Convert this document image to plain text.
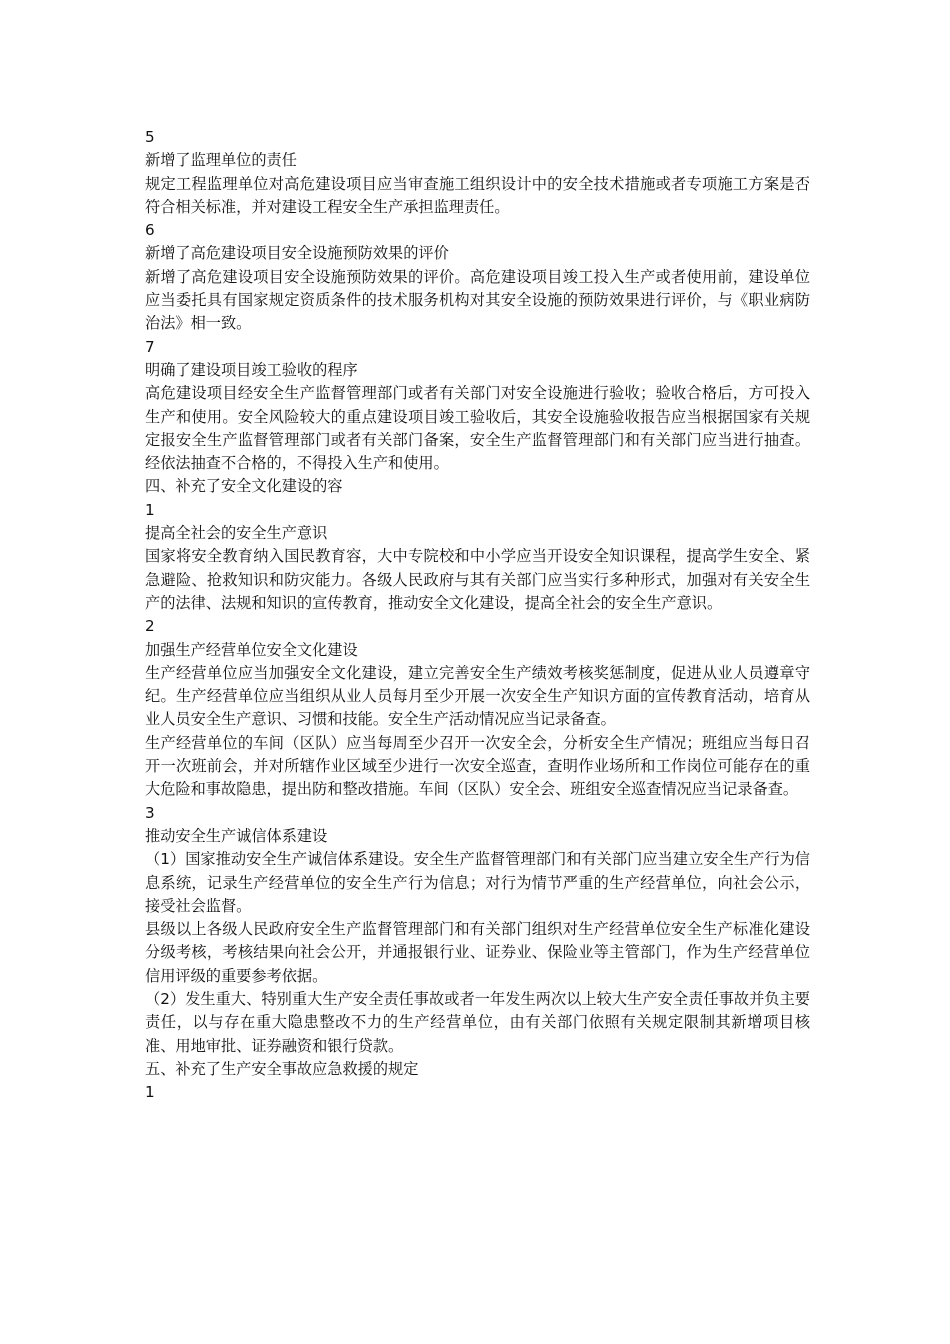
5

新增了监理单位的责任

规定工程监理单位对高危建设项目应当审查施工组织设计中的安全技术措施或者专项施工方案是否符合相关标准，并对建设工程安全生产承担监理责任。

6

新增了高危建设项目安全设施预防效果的评价

新增了高危建设项目安全设施预防效果的评价。高危建设项目竣工投入生产或者使用前，建设单位应当委托具有国家规定资质条件的技术服务机构对其安全设施的预防效果进行评价，与《职业病防治法》相一致。

7

明确了建设项目竣工验收的程序

高危建设项目经安全生产监督管理部门或者有关部门对安全设施进行验收；验收合格后，方可投入生产和使用。安全风险较大的重点建设项目竣工验收后，其安全设施验收报告应当根据国家有关规定报安全生产监督管理部门或者有关部门备案，安全生产监督管理部门和有关部门应当进行抽查。经依法抽查不合格的，不得投入生产和使用。

四、补充了安全文化建设的容

1

提高全社会的安全生产意识

国家将安全教育纳入国民教育容，大中专院校和中小学应当开设安全知识课程，提高学生安全、紧急避险、抢救知识和防灾能力。各级人民政府与其有关部门应当实行多种形式，加强对有关安全生产的法律、法规和知识的宣传教育，推动安全文化建设，提高全社会的安全生产意识。

2

加强生产经营单位安全文化建设

生产经营单位应当加强安全文化建设，建立完善安全生产绩效考核奖惩制度，促进从业人员遵章守纪。生产经营单位应当组织从业人员每月至少开展一次安全生产知识方面的宣传教育活动，培育从业人员安全生产意识、习惯和技能。安全生产活动情况应当记录备查。

生产经营单位的车间（区队）应当每周至少召开一次安全会，分析安全生产情况；班组应当每日召开一次班前会，并对所辖作业区域至少进行一次安全巡查，查明作业场所和工作岗位可能存在的重大危险和事故隐患，提出防和整改措施。车间（区队）安全会、班组安全巡查情况应当记录备查。

3

推动安全生产诚信体系建设

（1）国家推动安全生产诚信体系建设。安全生产监督管理部门和有关部门应当建立安全生产行为信息系统，记录生产经营单位的安全生产行为信息；对行为情节严重的生产经营单位，向社会公示，接受社会监督。

县级以上各级人民政府安全生产监督管理部门和有关部门组织对生产经营单位安全生产标准化建设分级考核，考核结果向社会公开，并通报银行业、证券业、保险业等主管部门，作为生产经营单位信用评级的重要参考依据。

（2）发生重大、特别重大生产安全责任事故或者一年发生两次以上较大生产安全责任事故并负主要责任，以与存在重大隐患整改不力的生产经营单位，由有关部门依照有关规定限制其新增项目核准、用地审批、证券融资和银行贷款。

五、补充了生产安全事故应急救援的规定

1
